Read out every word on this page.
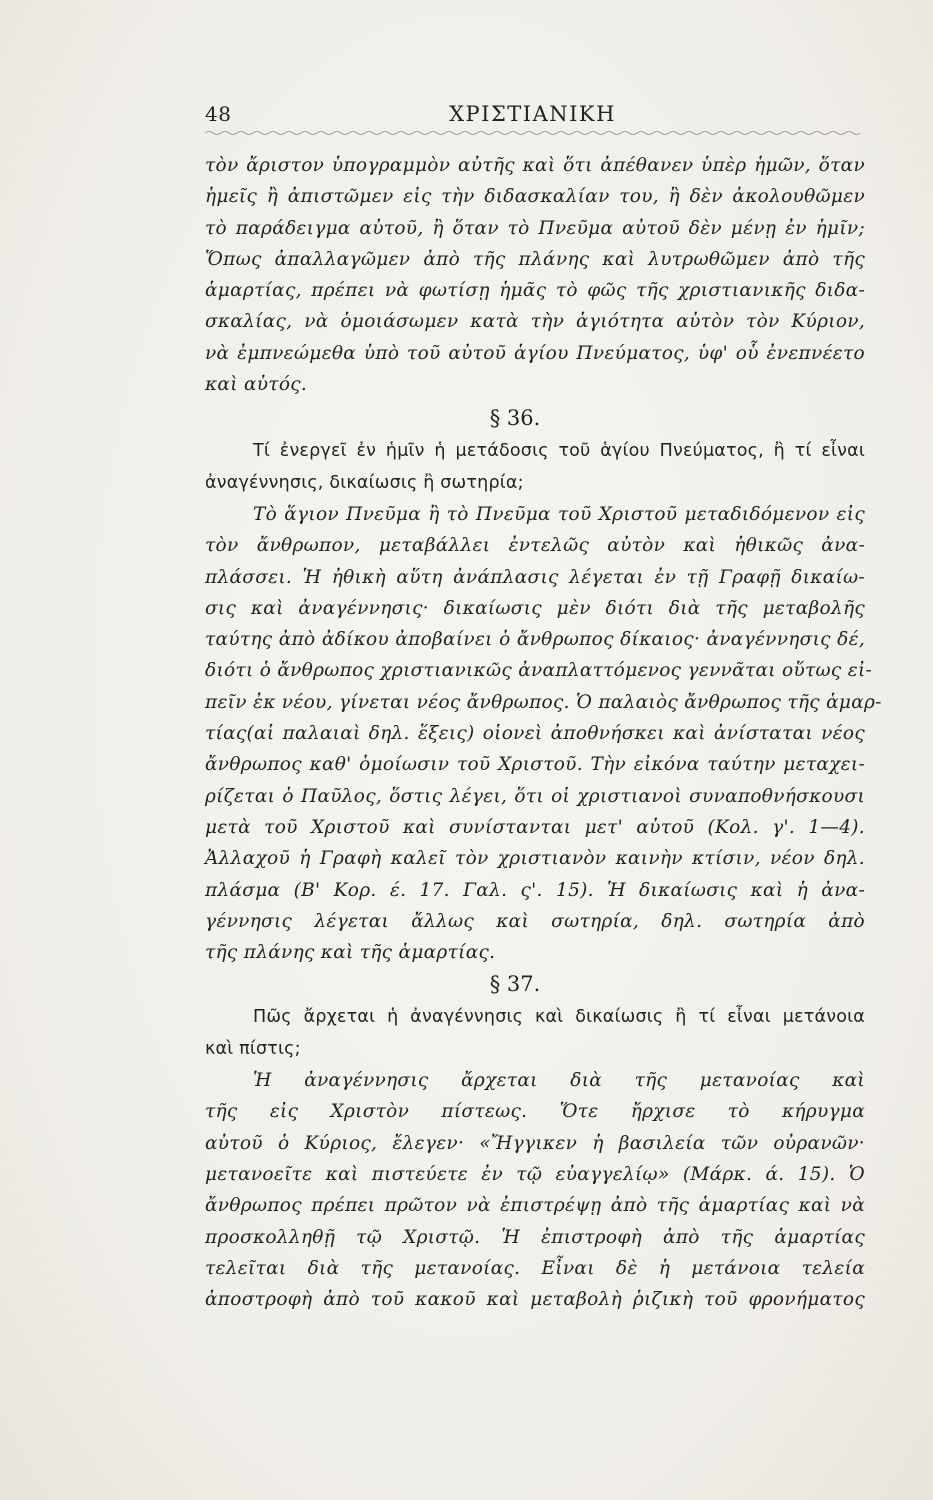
48	ΧΡΙΣΤΙΑΝΙΚΗ
τὸν ἄριστον ὑπογραμμὸν αὐτῆς καὶ ὅτι ἀπέθανεν ὑπὲρ ἡμῶν, ὅταν
ἡμεῖς ἢ ἀπιστῶμεν εἰς τὴν διδασκαλίαν του, ἢ δὲν ἀκολουθῶμεν
τὸ παράδειγμα αὐτοῦ, ἢ ὅταν τὸ Πνεῦμα αὐτοῦ δὲν μένῃ ἐν ἡμῖν;
Ὅπως ἀπαλλαγῶμεν ἀπὸ τῆς πλάνης καὶ λυτρωθῶμεν ἀπὸ τῆς
ἁμαρτίας, πρέπει νὰ φωτίσῃ ἡμᾶς τὸ φῶς τῆς χριστιανικῆς διδα-
σκαλίας, νὰ ὁμοιάσωμεν κατὰ τὴν ἁγιότητα αὐτὸν τὸν Κύριον,
νὰ ἐμπνεώμεθα ὑπὸ τοῦ αὐτοῦ ἁγίου Πνεύματος, ὑφ' οὗ ἐνεπνέετο
καὶ αὐτός.
§ 36.
Τί ἐνεργεῖ ἐν ἡμῖν ἡ μετάδοσις τοῦ ἁγίου Πνεύματος, ἢ τί εἶναι
ἀναγέννησις, δικαίωσις ἢ σωτηρία;
Τὸ ἅγιον Πνεῦμα ἢ τὸ Πνεῦμα τοῦ Χριστοῦ μεταδιδόμενον εἰς
τὸν ἄνθρωπον, μεταβάλλει ἐντελῶς αὐτὸν καὶ ἠθικῶς ἀνα-
πλάσσει. Ἡ ἠθικὴ αὕτη ἀνάπλασις λέγεται ἐν τῇ Γραφῇ δικαίω-
σις καὶ ἀναγέννησις· δικαίωσις μὲν διότι διὰ τῆς μεταβολῆς
ταύτης ἀπὸ ἀδίκου ἀποβαίνει ὁ ἄνθρωπος δίκαιος· ἀναγέννησις δέ,
διότι ὁ ἄνθρωπος χριστιανικῶς ἀναπλαττόμενος γεννᾶται οὕτως εἰ-
πεῖν ἐκ νέου, γίνεται νέος ἄνθρωπος. Ὁ παλαιὸς ἄνθρωπος τῆς ἁμαρ-
τίας(αἱ παλαιαὶ δηλ. ἕξεις) οἱονεὶ ἀποθνήσκει καὶ ἀνίσταται νέος
ἄνθρωπος καθ' ὁμοίωσιν τοῦ Χριστοῦ. Τὴν εἰκόνα ταύτην μεταχει-
ρίζεται ὁ Παῦλος, ὅστις λέγει, ὅτι οἱ χριστιανοὶ συναποθνήσκουσι
μετὰ τοῦ Χριστοῦ καὶ συνίστανται μετ' αὐτοῦ (Κολ. γ'. 1—4).
Ἀλλαχοῦ ἡ Γραφὴ καλεῖ τὸν χριστιανὸν καινὴν κτίσιν, νέον δηλ.
πλάσμα (Β' Κορ. έ. 17. Γαλ. ς'. 15). Ἡ δικαίωσις καὶ ἡ ἀνα-
γέννησις λέγεται ἄλλως καὶ σωτηρία, δηλ. σωτηρία ἀπὸ
τῆς πλάνης καὶ τῆς ἁμαρτίας.
§ 37.
Πῶς ἄρχεται ἡ ἀναγέννησις καὶ δικαίωσις ἢ τί εἶναι μετάνοια
καὶ πίστις;
Ἡ ἀναγέννησις ἄρχεται διὰ τῆς μετανοίας καὶ
τῆς εἰς Χριστὸν πίστεως. Ὅτε ἤρχισε τὸ κήρυγμα
αὐτοῦ ὁ Κύριος, ἔλεγεν· «Ἤγγικεν ἡ βασιλεία τῶν οὐρανῶν·
μετανοεῖτε καὶ πιστεύετε ἐν τῷ εὐαγγελίῳ» (Μάρκ. ά. 15). Ὁ
ἄνθρωπος πρέπει πρῶτον νὰ ἐπιστρέψῃ ἀπὸ τῆς ἁμαρτίας καὶ νὰ
προσκολληθῇ τῷ Χριστῷ. Ἡ ἐπιστροφὴ ἀπὸ τῆς ἁμαρτίας
τελεῖται διὰ τῆς μετανοίας. Εἶναι δὲ ἡ μετάνοια τελεία
ἀποστροφὴ ἀπὸ τοῦ κακοῦ καὶ μεταβολὴ ῥιζικὴ τοῦ φρονήματος
